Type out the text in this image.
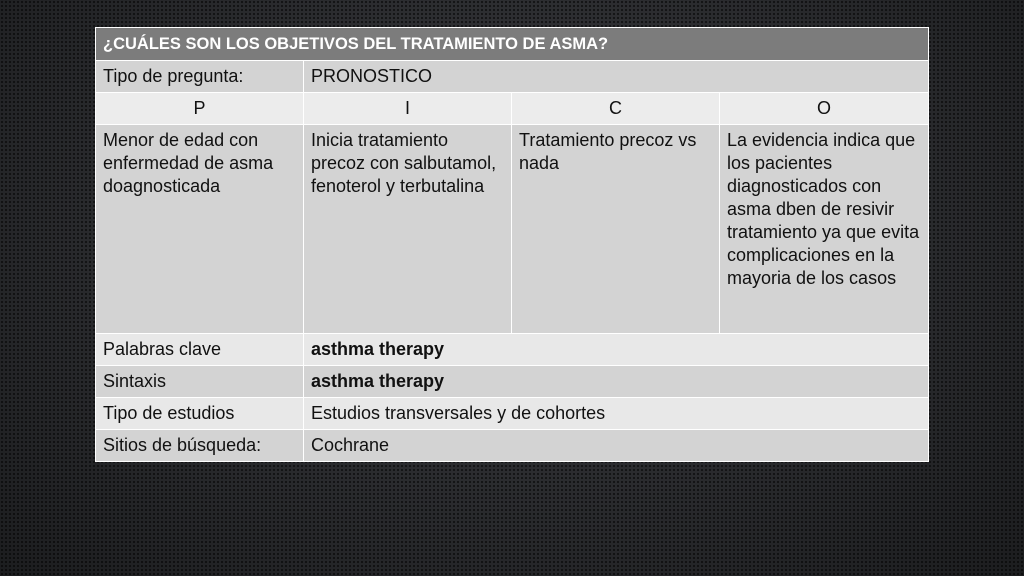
¿CUÁLES SON LOS OBJETIVOS DEL TRATAMIENTO DE ASMA?			
Tipo de pregunta:	PRONOSTICO		
P	I	C	O
Menor de edad con enfermedad de asma doagnosticada	Inicia tratamiento precoz con salbutamol, fenoterol y terbutalina	Tratamiento precoz vs nada	La evidencia indica que los pacientes diagnosticados con asma dben de resivir tratamiento ya que evita complicaciones en la mayoria de los casos
Palabras clave	asthma therapy		
Sintaxis	asthma therapy		
Tipo de estudios	Estudios transversales y de cohortes		
Sitios de búsqueda:	Cochrane		
